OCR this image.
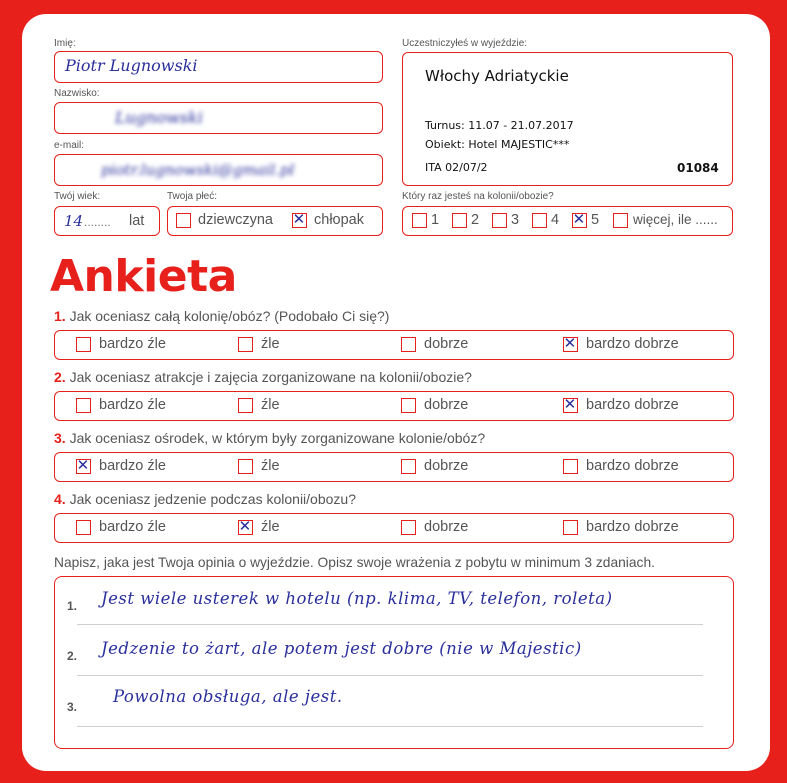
Imię:
Piotr Lugnowski
Nazwisko:
Lugnowski
e-mail:
piotr.lugnowski@gmail.pl
Twój wiek:
14 ........ lat
Twoja płeć:
dziewczyna ✕ chłopak
Uczestniczyłeś w wyjeździe:
Włochy Adriatyckie
Turnus: 11.07 - 21.07.2017
Obiekt: Hotel MAJESTIC***
ITA 02/07/2	01084
Który raz jesteś na kolonii/obozie?
1 2 3 4 ✕ 5	więcej, ile ......
Ankieta
1. Jak oceniasz całą kolonię/obóz? (Podobało Ci się?)
bardzo źle	źle	dobrze	✕ bardzo dobrze
2. Jak oceniasz atrakcje i zajęcia zorganizowane na kolonii/obozie?
bardzo źle	źle	dobrze	✕ bardzo dobrze
3. Jak oceniasz ośrodek, w którym były zorganizowane kolonie/obóz?
✕ bardzo źle	źle	dobrze	bardzo dobrze
4. Jak oceniasz jedzenie podczas kolonii/obozu?
bardzo źle	✕ źle	dobrze	bardzo dobrze
Napisz, jaka jest Twoja opinia o wyjeździe. Opisz swoje wrażenia z pobytu w minimum 3 zdaniach.
1. Jest wiele usterek w hotelu (np. klima, TV, telefon, roleta)
2. Jedzenie to żart, ale potem jest dobre (nie w Majestic)
3.
Powolna obsługa, ale jest.
